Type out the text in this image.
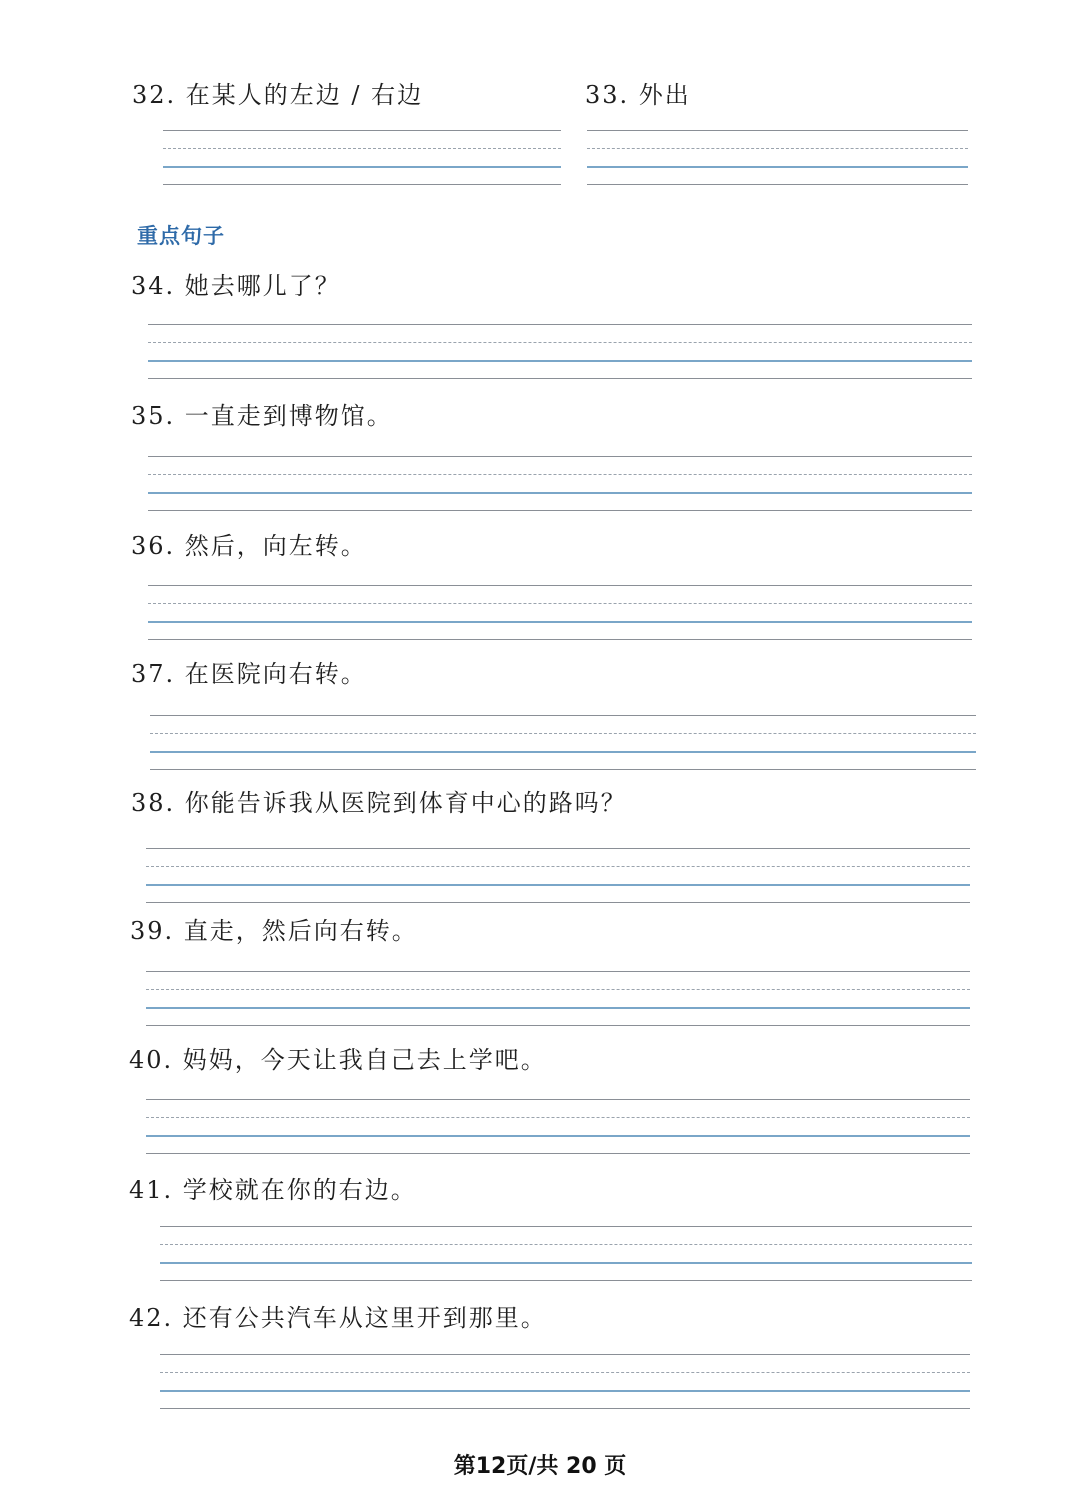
32. 在某人的左边 / 右边	33. 外出
重点句子
34. 她去哪儿了？
35. 一直走到博物馆。
36. 然后，向左转。
37. 在医院向右转。
38. 你能告诉我从医院到体育中心的路吗？
39. 直走，然后向右转。
40. 妈妈，今天让我自己去上学吧。
41. 学校就在你的右边。
42. 还有公共汽车从这里开到那里。
第12页/共 20 页
